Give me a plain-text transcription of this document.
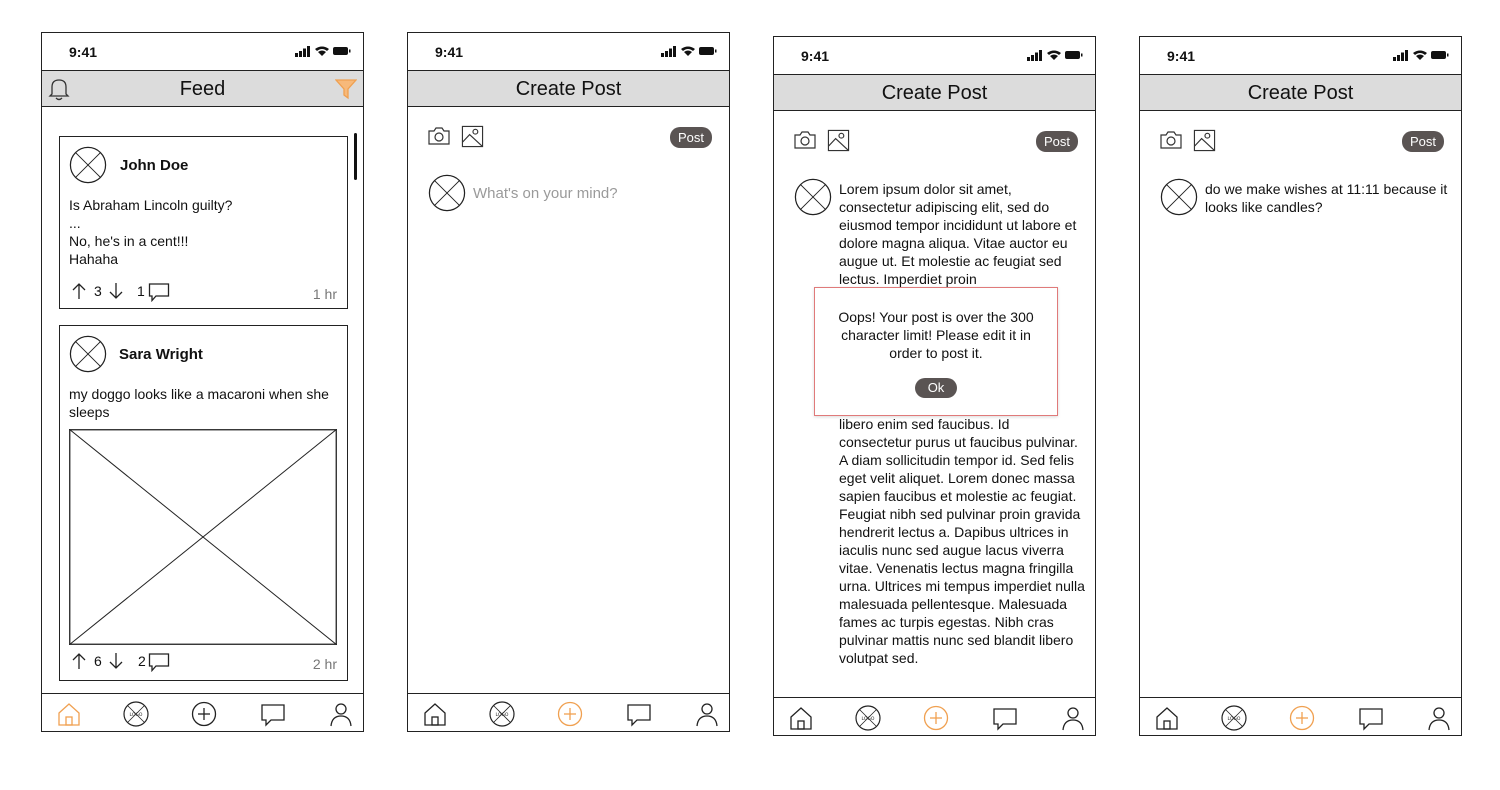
9:41
Feed
John Doe
Is Abraham Lincoln guilty?
...
No, he's in a cent!!!
Hahaha
3	1	1 hr
Sara Wright
my doggo looks like a macaroni when she sleeps
6	2	2 hr
9:41
Create Post
Post
What's on your mind?
9:41
Create Post
Post
Lorem ipsum dolor sit amet, consectetur adipiscing elit, sed do eiusmod tempor incididunt ut labore et dolore magna aliqua. Vitae auctor eu augue ut. Et molestie ac feugiat sed lectus. Imperdiet proin
libero enim sed faucibus. Id consectetur purus ut faucibus pulvinar. A diam sollicitudin tempor id. Sed felis eget velit aliquet. Lorem donec massa sapien faucibus et molestie ac feugiat. Feugiat nibh sed pulvinar proin gravida hendrerit lectus a. Dapibus ultrices in iaculis nunc sed augue lacus viverra vitae. Venenatis lectus magna fringilla urna. Ultrices mi tempus imperdiet nulla malesuada pellentesque. Malesuada fames ac turpis egestas. Nibh cras pulvinar mattis nunc sed blandit libero volutpat sed.
Oops! Your post is over the 300 character limit! Please edit it in order to post it.
Ok
9:41
Create Post
Post
do we make wishes at 11:11 because it looks like candles?
